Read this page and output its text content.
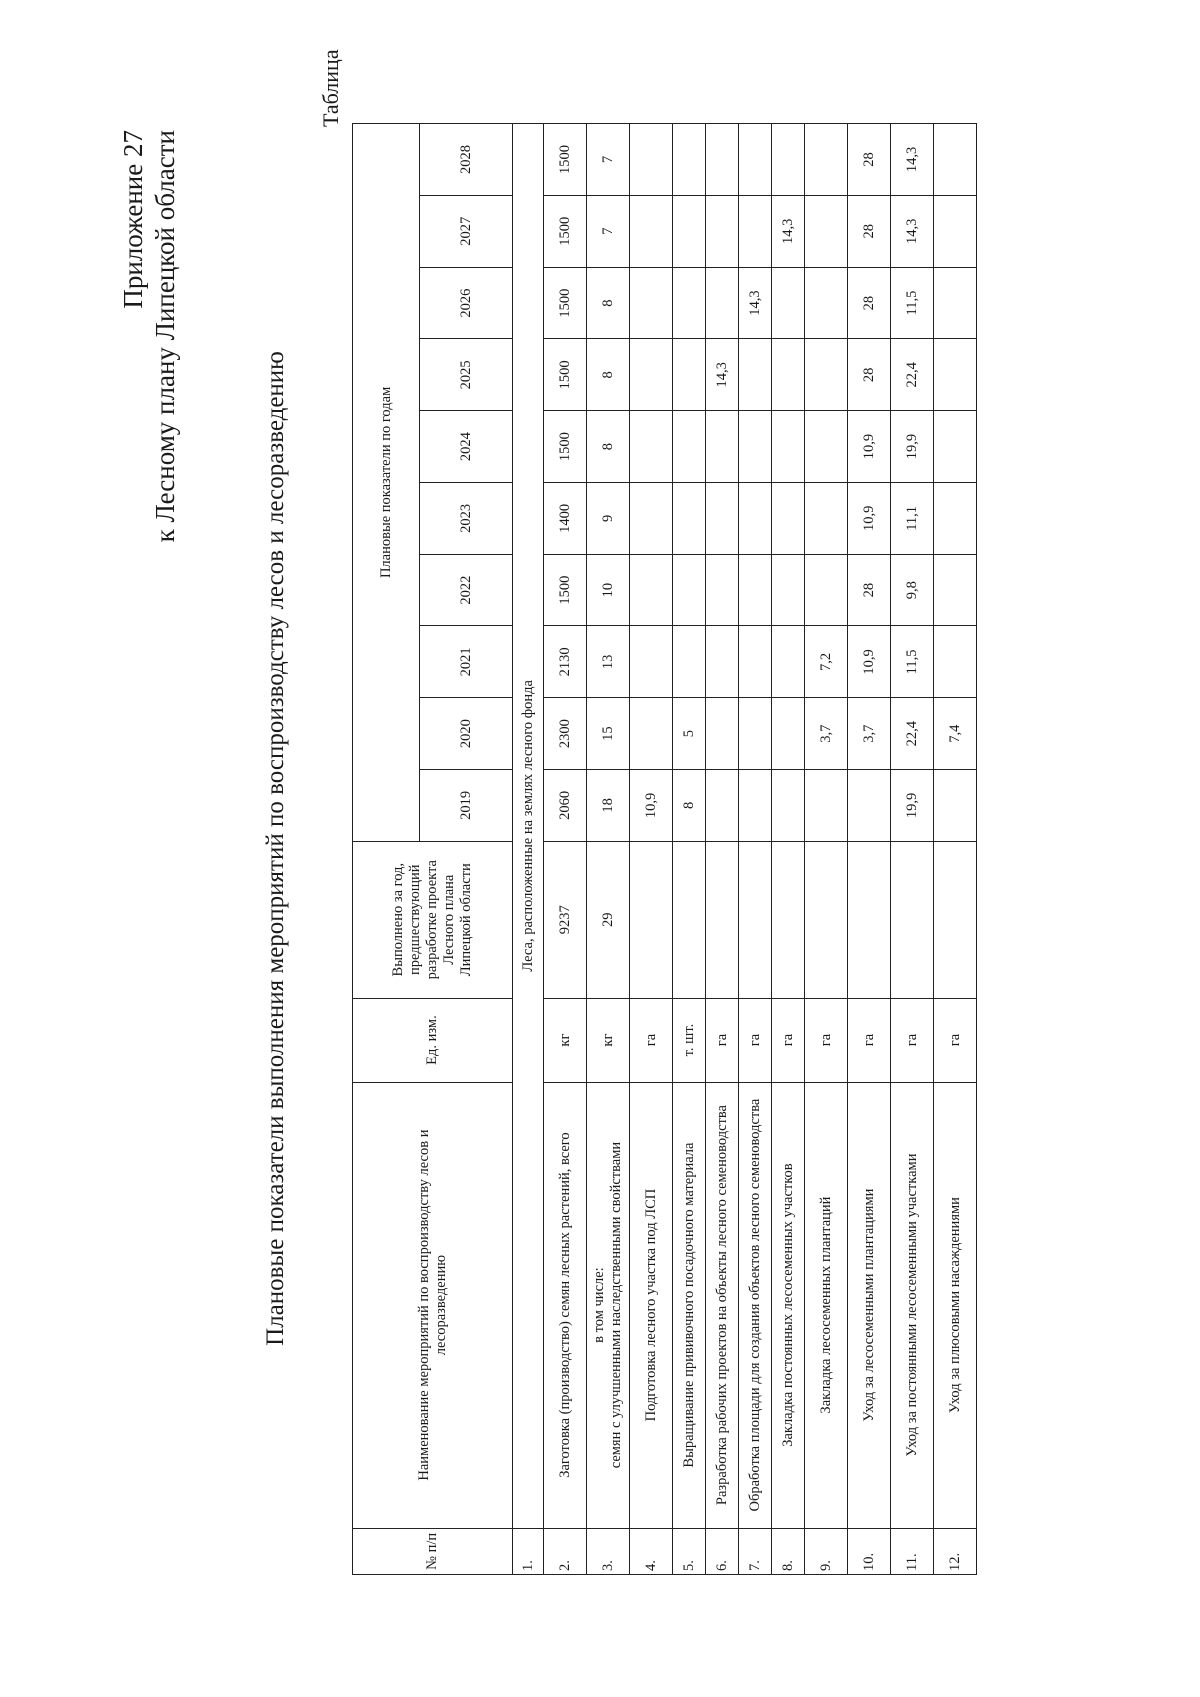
Приложение 27 к Лесному плану Липецкой области
Плановые показатели выполнения мероприятий по воспроизводству лесов и лесоразведению
Таблица
№ п/п	Наименование мероприятий по воспроизводству лесов и лесоразведению	Ед. изм.	Выполнено за год, предшествующий разработке проекта Лесного плана Липецкой области	Плановые показатели по годам									
				2019	2020	2021	2022	2023	2024	2025	2026	2027	2028
1.	Леса, расположенные на землях лесного фонда												
2.	Заготовка (производство) семян лесных растений, всего	кг	9237	2060	2300	2130	1500	1400	1500	1500	1500	1500	1500
3.	в том числе: семян с улучшенными наследственными свойствами	кг	29	18	15	13	10	9	8	8	8	7	7
4.	Подготовка лесного участка под ЛСП	га		10,9									
5.	Выращивание прививочного посадочного материала	т. шт.		8	5								
6.	Разработка рабочих проектов на объекты лесного семеноводства	га								14,3			
7.	Обработка площади для создания объектов лесного семеноводства	га									14,3		
8.	Закладка постоянных лесосеменных участков	га										14,3	
9.	Закладка лесосеменных плантаций	га			3,7	7,2							
10.	Уход за лесосеменными плантациями	га			3,7	10,9	28	10,9	10,9	28	28	28	28
11.	Уход за постоянными лесосеменными участками	га		19,9	22,4	11,5	9,8	11,1	19,9	22,4	11,5	14,3	14,3
12.	Уход за плюсовыми насаждениями	га			7,4								
